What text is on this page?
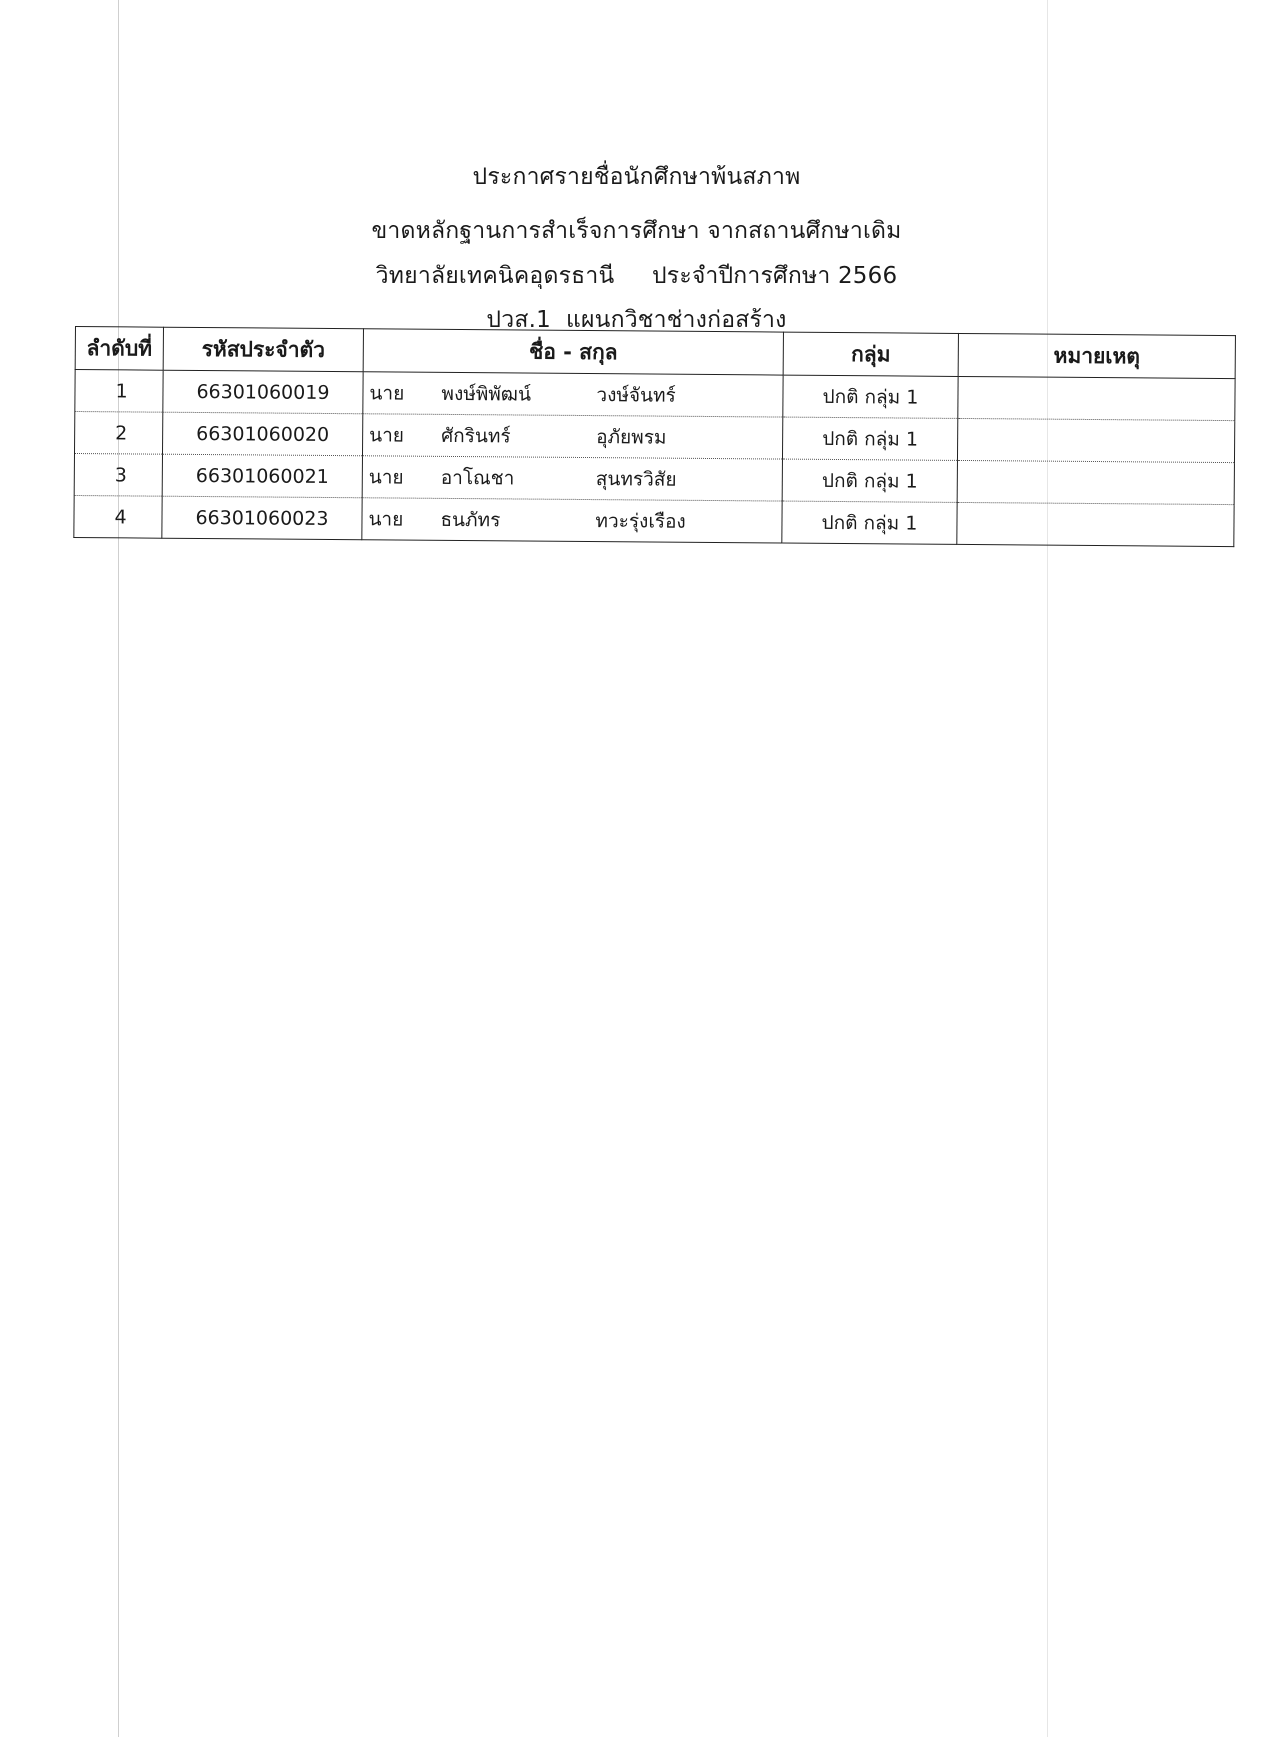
ประกาศรายชื่อนักศึกษาพ้นสภาพ
ขาดหลักฐานการสำเร็จการศึกษา จากสถานศึกษาเดิม
วิทยาลัยเทคนิคอุดรธานี     ประจำปีการศึกษา 2566
ปวส.1  แผนกวิชาช่างก่อสร้าง
ลำดับที่	รหัสประจำตัว	ชื่อ - สกุล	กลุ่ม	หมายเหตุ
1	66301060019	นาย พงษ์พิพัฒน์ วงษ์จันทร์	ปกติ กลุ่ม 1	
2	66301060020	นาย ศักรินทร์ อุภัยพรม	ปกติ กลุ่ม 1	
3	66301060021	นาย อาโณชา สุนทรวิสัย	ปกติ กลุ่ม 1	
4	66301060023	นาย ธนภัทร ทวะรุ่งเรือง	ปกติ กลุ่ม 1	
